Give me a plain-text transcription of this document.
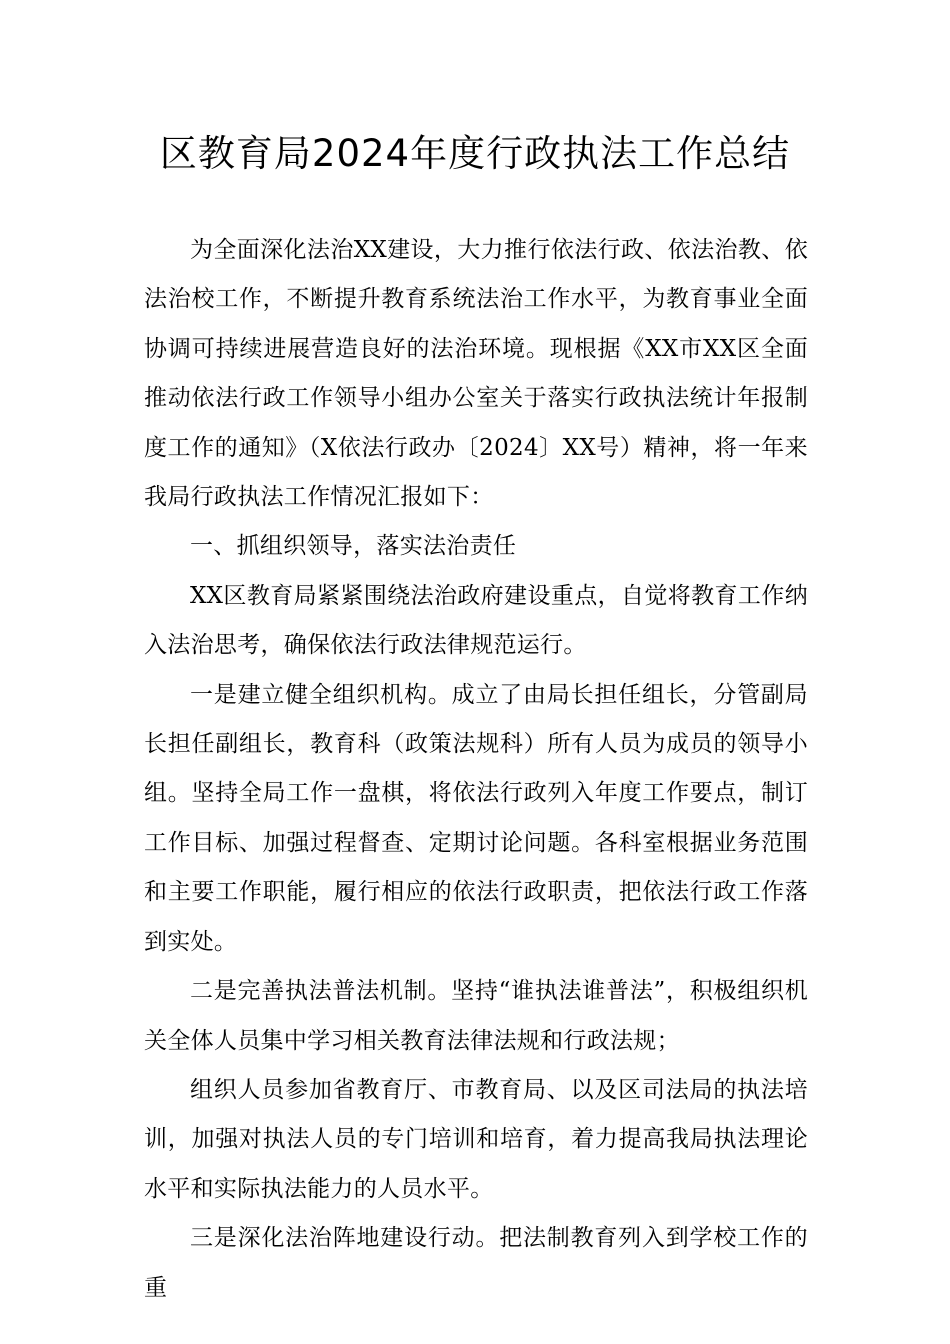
区教育局2024年度行政执法工作总结

为全面深化法治XX建设，大力推行依法行政、依法治教、依法治校工作，不断提升教育系统法治工作水平，为教育事业全面协调可持续进展营造良好的法治环境。现根据《XX市XX区全面推动依法行政工作领导小组办公室关于落实行政执法统计年报制度工作的通知》（X依法行政办〔2024〕XX号）精神，将一年来我局行政执法工作情况汇报如下：

一、抓组织领导，落实法治责任

XX区教育局紧紧围绕法治政府建设重点，自觉将教育工作纳入法治思考，确保依法行政法律规范运行。

一是建立健全组织机构。成立了由局长担任组长，分管副局长担任副组长，教育科（政策法规科）所有人员为成员的领导小组。坚持全局工作一盘棋，将依法行政列入年度工作要点，制订工作目标、加强过程督查、定期讨论问题。各科室根据业务范围和主要工作职能，履行相应的依法行政职责，把依法行政工作落到实处。

二是完善执法普法机制。坚持“谁执法谁普法”，积极组织机关全体人员集中学习相关教育法律法规和行政法规；

组织人员参加省教育厅、市教育局、以及区司法局的执法培训，加强对执法人员的专门培训和培育，着力提高我局执法理论水平和实际执法能力的人员水平。

三是深化法治阵地建设行动。把法制教育列入到学校工作的重
